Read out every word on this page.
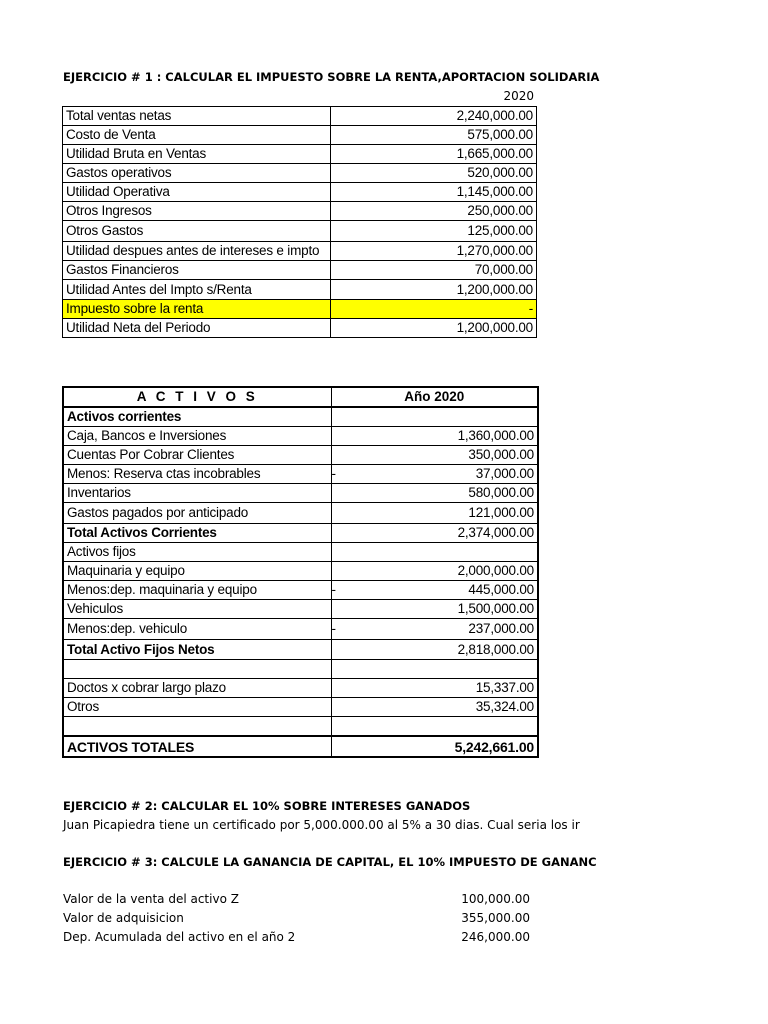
EJERCICIO # 1 : CALCULAR EL IMPUESTO SOBRE LA RENTA,APORTACION SOLIDARIA
2020
Total ventas netas	2,240,000.00
Costo de Venta	575,000.00
Utilidad Bruta en Ventas	1,665,000.00
Gastos operativos	520,000.00
Utilidad Operativa	1,145,000.00
Otros Ingresos	250,000.00
Otros Gastos	125,000.00
Utilidad despues antes de intereses e impto	1,270,000.00
Gastos Financieros	70,000.00
Utilidad Antes del Impto s/Renta	1,200,000.00
Impuesto sobre la renta	-
Utilidad Neta del Periodo	1,200,000.00
A C T I V O S	Año 2020
Activos corrientes	
Caja, Bancos e Inversiones	1,360,000.00
Cuentas Por Cobrar Clientes	350,000.00
Menos: Reserva ctas incobrables	- 37,000.00
Inventarios	580,000.00
Gastos pagados por anticipado	121,000.00
Total Activos Corrientes	2,374,000.00
Activos fijos	
Maquinaria y equipo	2,000,000.00
Menos:dep. maquinaria y equipo	- 445,000.00
Vehiculos	1,500,000.00
Menos:dep. vehiculo	- 237,000.00
Total Activo Fijos Netos	2,818,000.00

Doctos x cobrar largo plazo	15,337.00
Otros	35,324.00

ACTIVOS TOTALES	5,242,661.00
EJERCICIO # 2: CALCULAR EL 10% SOBRE INTERESES GANADOS
Juan Picapiedra tiene un certificado por 5,000.000.00 al 5% a 30 dias. Cual seria los ir
EJERCICIO # 3: CALCULE LA GANANCIA DE CAPITAL, EL 10% IMPUESTO DE GANANC
Valor de la venta del activo Z	100,000.00
Valor de adquisicion	355,000.00
Dep. Acumulada del activo en el año 2	246,000.00
